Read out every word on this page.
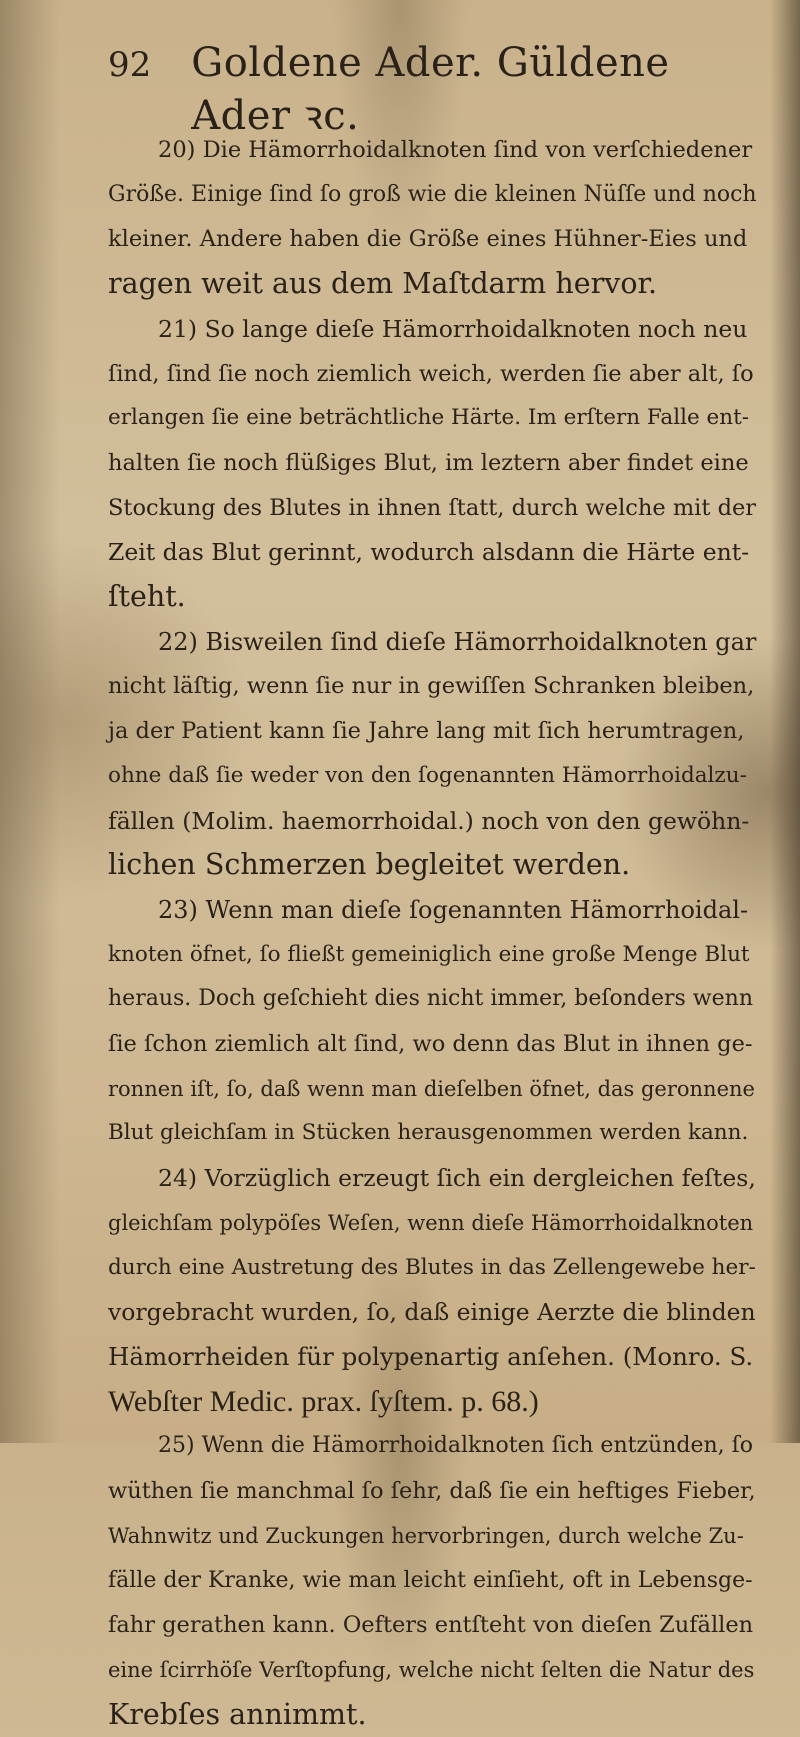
92 Goldene Ader. Güldene Ader ꝛc.
20) Die Hämorrhoidalknoten ſind von verſchiedener
Größe. Einige ſind ſo groß wie die kleinen Nüſſe und noch
kleiner. Andere haben die Größe eines Hühner-Eies und
ragen weit aus dem Maſtdarm hervor.
21) So lange dieſe Hämorrhoidalknoten noch neu
ſind, ſind ſie noch ziemlich weich, werden ſie aber alt, ſo
erlangen ſie eine beträchtliche Härte. Im erſtern Falle ent-
halten ſie noch flüßiges Blut, im leztern aber findet eine
Stockung des Blutes in ihnen ſtatt, durch welche mit der
Zeit das Blut gerinnt, wodurch alsdann die Härte ent-
ſteht.
22) Bisweilen ſind dieſe Hämorrhoidalknoten gar
nicht läſtig, wenn ſie nur in gewiſſen Schranken bleiben,
ja der Patient kann ſie Jahre lang mit ſich herumtragen,
ohne daß ſie weder von den ſogenannten Hämorrhoidalzu-
fällen (Molim. haemorrhoidal.) noch von den gewöhn-
lichen Schmerzen begleitet werden.
23) Wenn man dieſe ſogenannten Hämorrhoidal-
knoten öfnet, ſo fließt gemeiniglich eine große Menge Blut
heraus. Doch geſchieht dies nicht immer, beſonders wenn
ſie ſchon ziemlich alt ſind, wo denn das Blut in ihnen ge-
ronnen iſt, ſo, daß wenn man dieſelben öfnet, das geronnene
Blut gleichſam in Stücken herausgenommen werden kann.
24) Vorzüglich erzeugt ſich ein dergleichen feſtes,
gleichſam polypöſes Weſen, wenn dieſe Hämorrhoidalknoten
durch eine Austretung des Blutes in das Zellengewebe her-
vorgebracht wurden, ſo, daß einige Aerzte die blinden
Hämorrheiden für polypenartig anſehen. (Monro. S.
Webſter Medic. prax. ſyſtem. p. 68.)
25) Wenn die Hämorrhoidalknoten ſich entzünden, ſo
wüthen ſie manchmal ſo ſehr, daß ſie ein heftiges Fieber,
Wahnwitz und Zuckungen hervorbringen, durch welche Zu-
fälle der Kranke, wie man leicht einſieht, oft in Lebensge-
fahr gerathen kann. Oefters entſteht von dieſen Zufällen
eine ſcirrhöſe Verſtopfung, welche nicht ſelten die Natur des
Krebſes annimmt.
